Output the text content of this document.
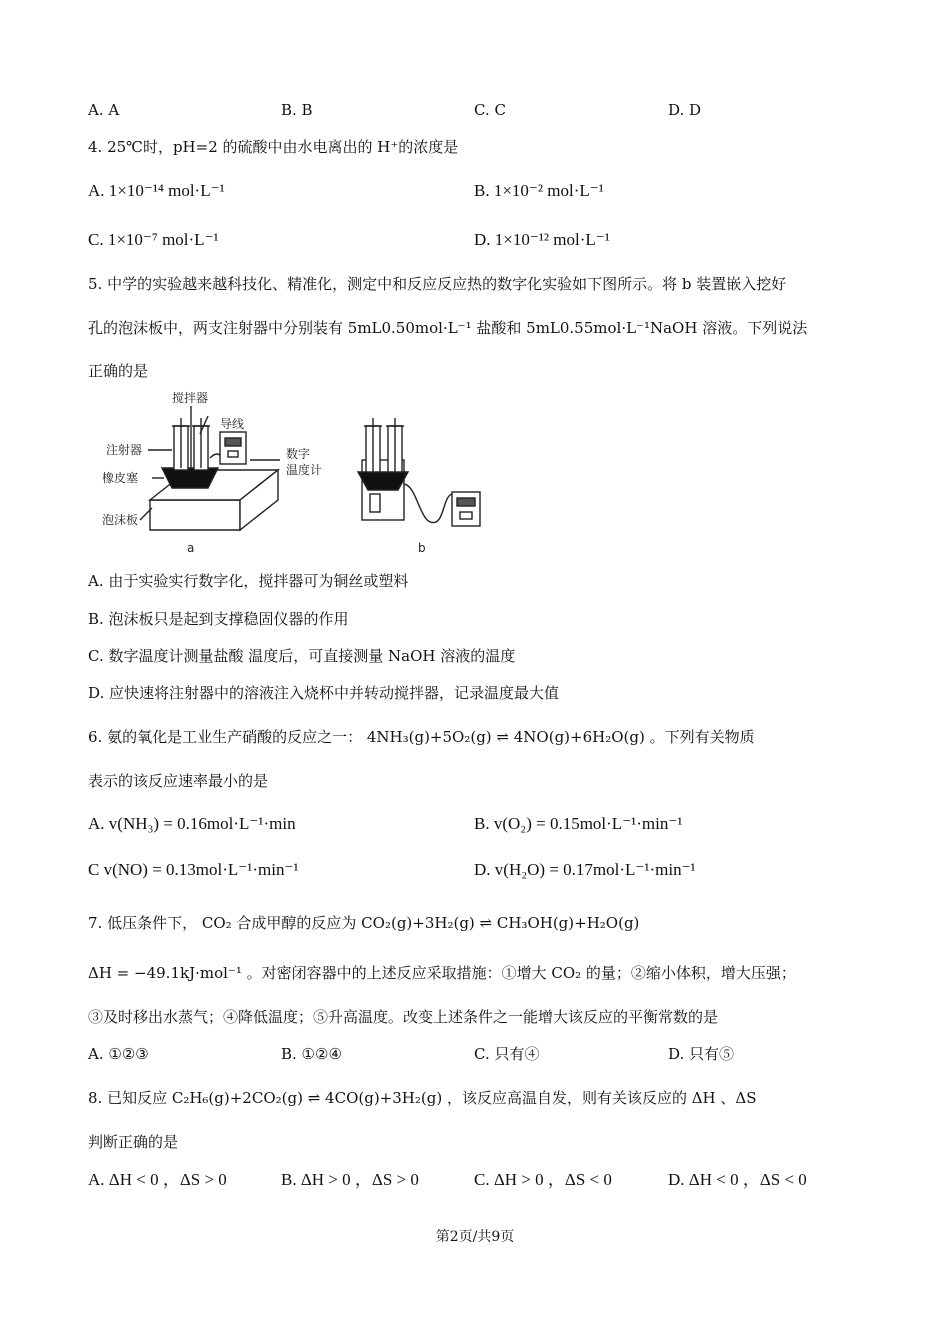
A. A	B. B	C. C	D. D
4. 25℃时，pH=2 的硫酸中由水电离出的 H⁺的浓度是
A. 1×10⁻¹⁴ mol·L⁻¹	B. 1×10⁻² mol·L⁻¹
C. 1×10⁻⁷ mol·L⁻¹	D. 1×10⁻¹² mol·L⁻¹
5. 中学的实验越来越科技化、精准化，测定中和反应反应热的数字化实验如下图所示。将 b 装置嵌入挖好
孔的泡沫板中，两支注射器中分别装有 5mL0.50mol·L⁻¹ 盐酸和 5mL0.55mol·L⁻¹NaOH 溶液。下列说法
正确的是
搅拌器
导线
注射器
橡皮塞
数字
温度计
泡沫板
a	b
A. 由于实验实行数字化，搅拌器可为铜丝或塑料
B. 泡沫板只是起到支撑稳固仪器的作用
C. 数字温度计测量盐酸 温度后，可直接测量 NaOH 溶液的温度
D. 应快速将注射器中的溶液注入烧杯中并转动搅拌器，记录温度最大值
6. 氨的氧化是工业生产硝酸的反应之一： 4NH₃(g)+5O₂(g) ⇌ 4NO(g)+6H₂O(g) 。下列有关物质
表示的该反应速率最小的是
A. v(NH₃) = 0.16mol·L⁻¹·min	B. v(O₂) = 0.15mol·L⁻¹·min⁻¹
C v(NO) = 0.13mol·L⁻¹·min⁻¹	D. v(H₂O) = 0.17mol·L⁻¹·min⁻¹
7. 低压条件下， CO₂ 合成甲醇的反应为 CO₂(g)+3H₂(g) ⇌ CH₃OH(g)+H₂O(g)
ΔH = −49.1kJ·mol⁻¹ 。对密闭容器中的上述反应采取措施：①增大 CO₂ 的量；②缩小体积，增大压强；
③及时移出水蒸气；④降低温度；⑤升高温度。改变上述条件之一能增大该反应的平衡常数的是
A. ①②③	B. ①②④	C. 只有④	D. 只有⑤
8. 已知反应 C₂H₆(g)+2CO₂(g) ⇌ 4CO(g)+3H₂(g) ，该反应高温自发，则有关该反应的 ΔH 、ΔS
判断正确的是
A. ΔH < 0 ，ΔS > 0	B. ΔH > 0 ，ΔS > 0	C. ΔH > 0 ，ΔS < 0	D. ΔH < 0 ，ΔS < 0
第2页/共9页
